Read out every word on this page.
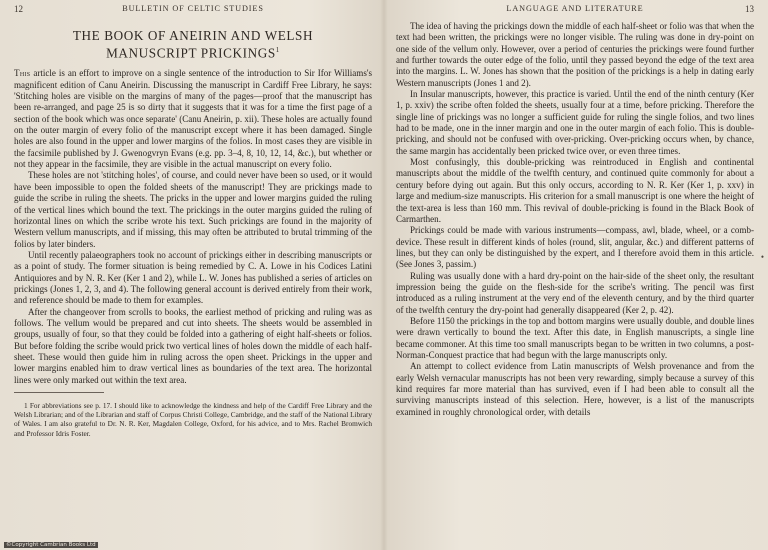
12	BULLETIN OF CELTIC STUDIES
THE BOOK OF ANEIRIN AND WELSH
MANUSCRIPT PRICKINGS$^1$

This article is an effort to improve on a single sentence of the introduction to Sir Ifor Williams's magnificent edition of Canu Aneirin. Discussing the manuscript in Cardiff Free Library, he says: 'Stitching holes are visible on the margins of many of the pages—proof that the manuscript has been re-arranged, and page 25 is so dirty that it suggests that it was for a time the first page of a section of the book which was once separate' (Canu Aneirin, p. xii). These holes are actually found on the outer margin of every folio of the manuscript except where it has been damaged. Single holes are also found in the upper and lower margins of the folios. In most cases they are visible in the facsimile published by J. Gwenogvryn Evans (e.g. pp. 3–4, 8, 10, 12, 14, &c.), but whether or not they appear in the facsimile, they are visible in the actual manuscript on every folio.

These holes are not 'stitching holes', of course, and could never have been so used, or it would have been impossible to open the folded sheets of the manuscript! They are prickings made to guide the scribe in ruling the sheets. The pricks in the upper and lower margins guided the ruling of the vertical lines which bound the text. The prickings in the outer margins guided the ruling of horizontal lines on which the scribe wrote his text. Such prickings are found in the majority of Western vellum manuscripts, and if missing, this may often be attributed to brutal trimming of the folios by later binders.

Until recently palaeographers took no account of prickings either in describing manuscripts or as a point of study. The former situation is being remedied by C. A. Lowe in his Codices Latini Antiquiores and by N. R. Ker (Ker 1 and 2), while L. W. Jones has published a series of articles on prickings (Jones 1, 2, 3, and 4). The following general account is derived entirely from their work, and reference should be made to them for examples.

After the changeover from scrolls to books, the earliest method of pricking and ruling was as follows. The vellum would be prepared and cut into sheets. The sheets would be assembled in groups, usually of four, so that they could be folded into a gathering of eight half-sheets or folios. But before folding the scribe would prick two vertical lines of holes down the middle of each half-sheet. These would then guide him in ruling across the open sheet. Prickings in the upper and lower margins enabled him to draw vertical lines as boundaries of the text area. The horizontal lines were only marked out within the text area.

1 For abbreviations see p. 17. I should like to acknowledge the kindness and help of the Cardiff Free Library and the Welsh Librarian; and of the Librarian and staff of Corpus Christi College, Cambridge, and the staff of the National Library of Wales. I am also grateful to Dr. N. R. Ker, Magdalen College, Oxford, for his advice, and to Mrs. Rachel Bromwich and Professor Idris Foster.

©Copyright Cambrian Books Ltd
LANGUAGE AND LITERATURE	13

The idea of having the prickings down the middle of each half-sheet or folio was that when the text had been written, the prickings were no longer visible. The ruling was done in dry-point on one side of the vellum only. However, over a period of centuries the prickings were found further and further towards the outer edge of the folio, until they passed beyond the edge of the text area into the margins. L. W. Jones has shown that the position of the prickings is a help in dating early Western manuscripts (Jones 1 and 2).

In Insular manuscripts, however, this practice is varied. Until the end of the ninth century (Ker 1, p. xxiv) the scribe often folded the sheets, usually four at a time, before pricking. Therefore the single line of prickings was no longer a sufficient guide for ruling the single folios, and two lines had to be made, one in the inner margin and one in the outer margin of each folio. This is double-pricking, and should not be confused with over-pricking. Over-pricking occurs when, by chance, the same margin has accidentally been pricked twice over, or even three times.

Most confusingly, this double-pricking was reintroduced in English and continental manuscripts about the middle of the twelfth century, and continued quite commonly for about a century before dying out again. But this only occurs, according to N. R. Ker (Ker 1, p. xxv) in large and medium-size manuscripts. His criterion for a small manuscript is one where the height of the text-area is less than 160 mm. This revival of double-pricking is found in the Black Book of Carmarthen.

Prickings could be made with various instruments—compass, awl, blade, wheel, or a comb-device. These result in different kinds of holes (round, slit, angular, &c.) and different patterns of lines, but they can only be distinguished by the expert, and I therefore avoid them in this article. (See Jones 3, passim.)

Ruling was usually done with a hard dry-point on the hair-side of the sheet only, the resultant impression being the guide on the flesh-side for the scribe's writing. The pencil was first introduced as a ruling instrument at the very end of the eleventh century, and by the third quarter of the twelfth century the dry-point had generally disappeared (Ker 2, p. 42).

Before 1150 the prickings in the top and bottom margins were usually double, and double lines were drawn vertically to bound the text. After this date, in English manuscripts, a single line became commoner. At this time too small manuscripts began to be written in two columns, a post-Norman-Conquest practice that had begun with the large manuscripts only.

An attempt to collect evidence from Latin manuscripts of Welsh provenance and from the early Welsh vernacular manuscripts has not been very rewarding, simply because a survey of this kind requires far more material than has survived, even if I had been able to consult all the surviving manuscripts instead of this selection. Here, however, is a list of the manuscripts examined in roughly chronological order, with details

•
